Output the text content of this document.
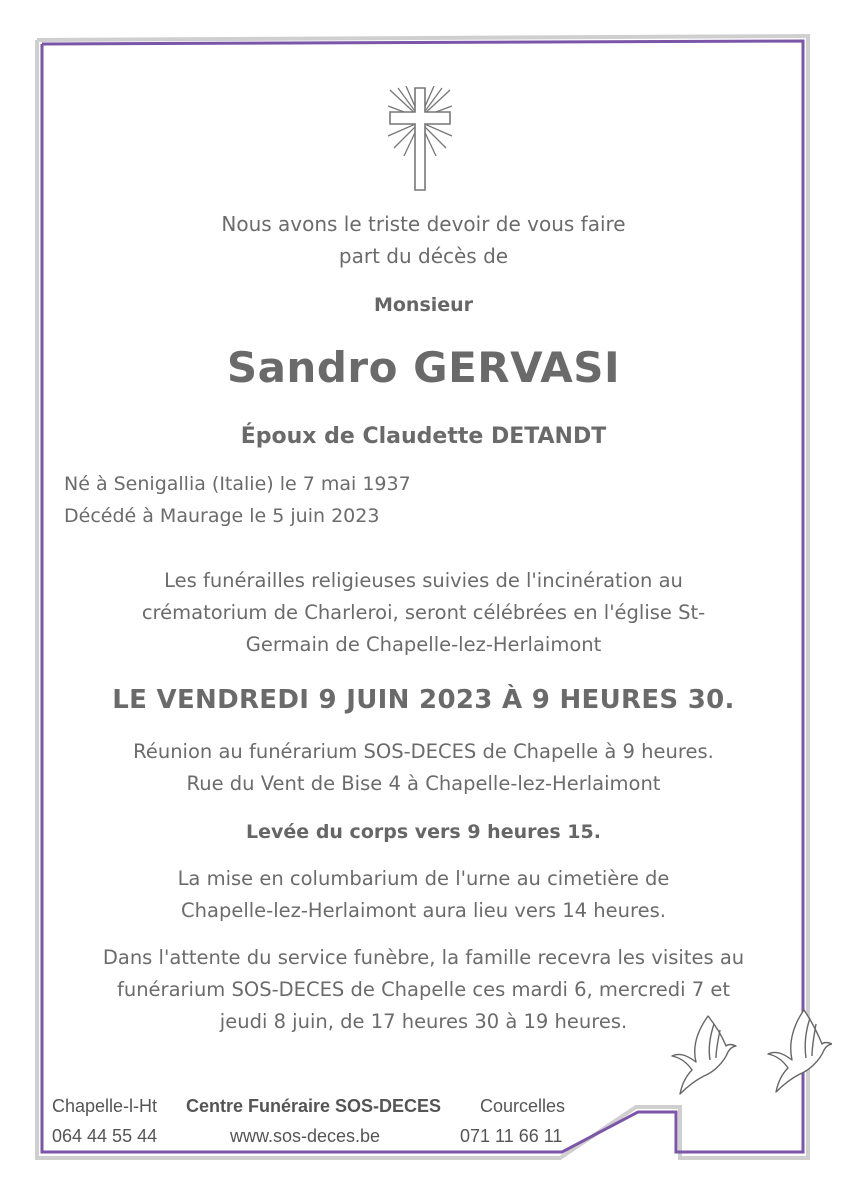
Nous avons le triste devoir de vous faire
part du décès de
Monsieur
Sandro GERVASI
Époux de Claudette DETANDT
Né à Senigallia (Italie) le 7 mai 1937
Décédé à Maurage le 5 juin 2023
Les funérailles religieuses suivies de l'incinération au
crématorium de Charleroi, seront célébrées en l'église St-
Germain de Chapelle-lez-Herlaimont
LE VENDREDI 9 JUIN 2023 À 9 HEURES 30.
Réunion au funérarium SOS-DECES de Chapelle à 9 heures.
Rue du Vent de Bise 4 à Chapelle-lez-Herlaimont
Levée du corps vers 9 heures 15.
La mise en columbarium de l'urne au cimetière de
Chapelle-lez-Herlaimont aura lieu vers 14 heures.
Dans l'attente du service funèbre, la famille recevra les visites au
funérarium SOS-DECES de Chapelle ces mardi 6, mercredi 7 et
jeudi 8 juin, de 17 heures 30 à 19 heures.
Chapelle-l-Ht
064 44 55 44
Centre Funéraire SOS-DECES
www.sos-deces.be
Courcelles
071 11 66 11
